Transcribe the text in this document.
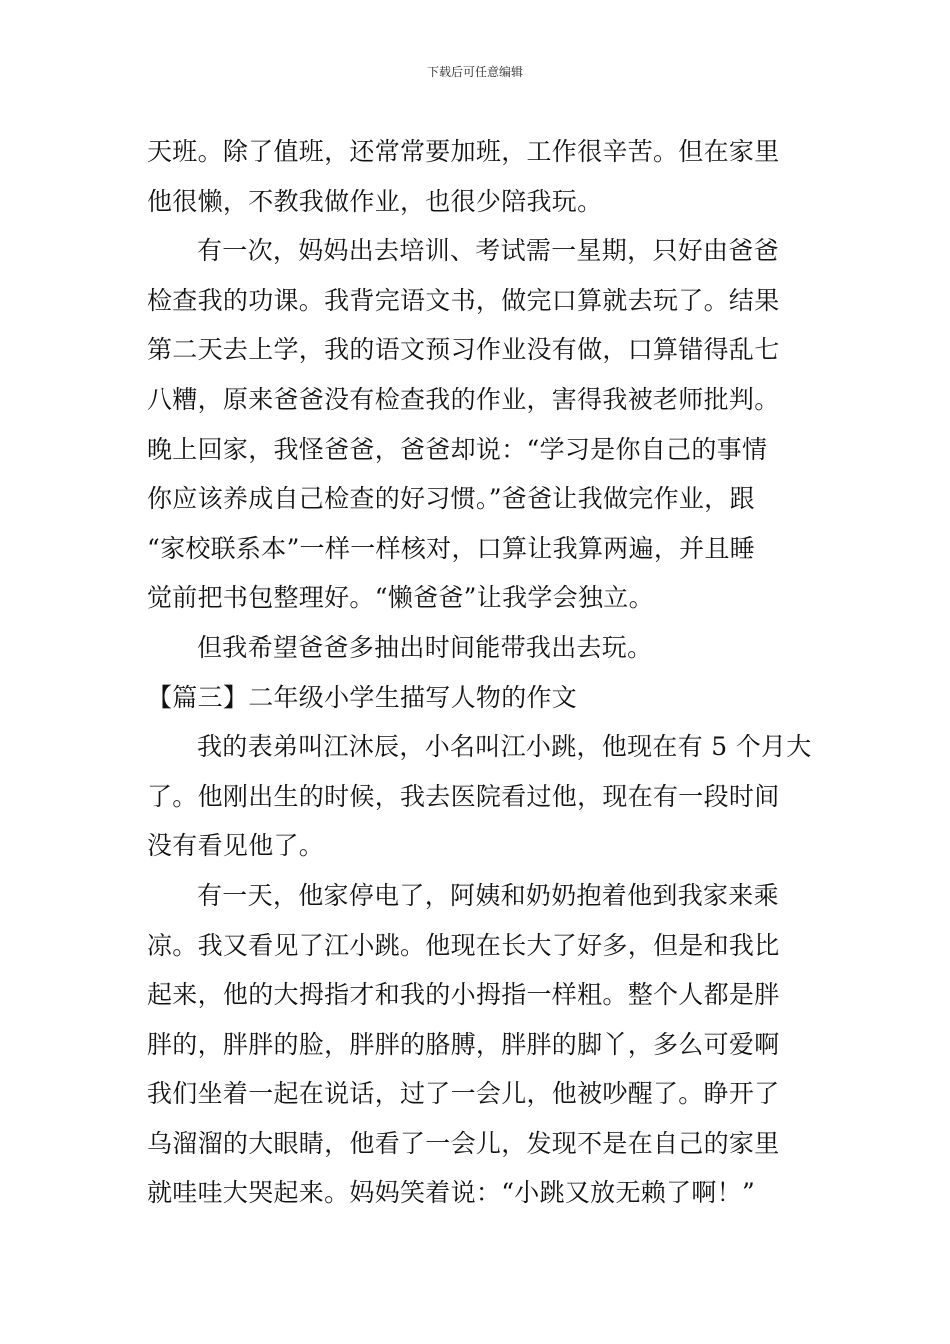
下载后可任意编辑
天班。除了值班，还常常要加班，工作很辛苦。但在家里
他很懒，不教我做作业，也很少陪我玩。
有一次，妈妈出去培训、考试需一星期，只好由爸爸
检查我的功课。我背完语文书，做完口算就去玩了。结果
第二天去上学，我的语文预习作业没有做，口算错得乱七
八糟，原来爸爸没有检查我的作业，害得我被老师批判。
晚上回家，我怪爸爸，爸爸却说：“学习是你自己的事情
你应该养成自己检查的好习惯。”爸爸让我做完作业，跟
“家校联系本”一样一样核对，口算让我算两遍，并且睡
觉前把书包整理好。“懒爸爸”让我学会独立。
但我希望爸爸多抽出时间能带我出去玩。
【篇三】二年级小学生描写人物的作文
我的表弟叫江沐辰，小名叫江小跳，他现在有 5 个月大
了。他刚出生的时候，我去医院看过他，现在有一段时间
没有看见他了。
有一天，他家停电了，阿姨和奶奶抱着他到我家来乘
凉。我又看见了江小跳。他现在长大了好多，但是和我比
起来，他的大拇指才和我的小拇指一样粗。整个人都是胖
胖的，胖胖的脸，胖胖的胳膊，胖胖的脚丫，多么可爱啊
我们坐着一起在说话，过了一会儿，他被吵醒了。睁开了
乌溜溜的大眼睛，他看了一会儿，发现不是在自己的家里
就哇哇大哭起来。妈妈笑着说：“小跳又放无赖了啊！”
